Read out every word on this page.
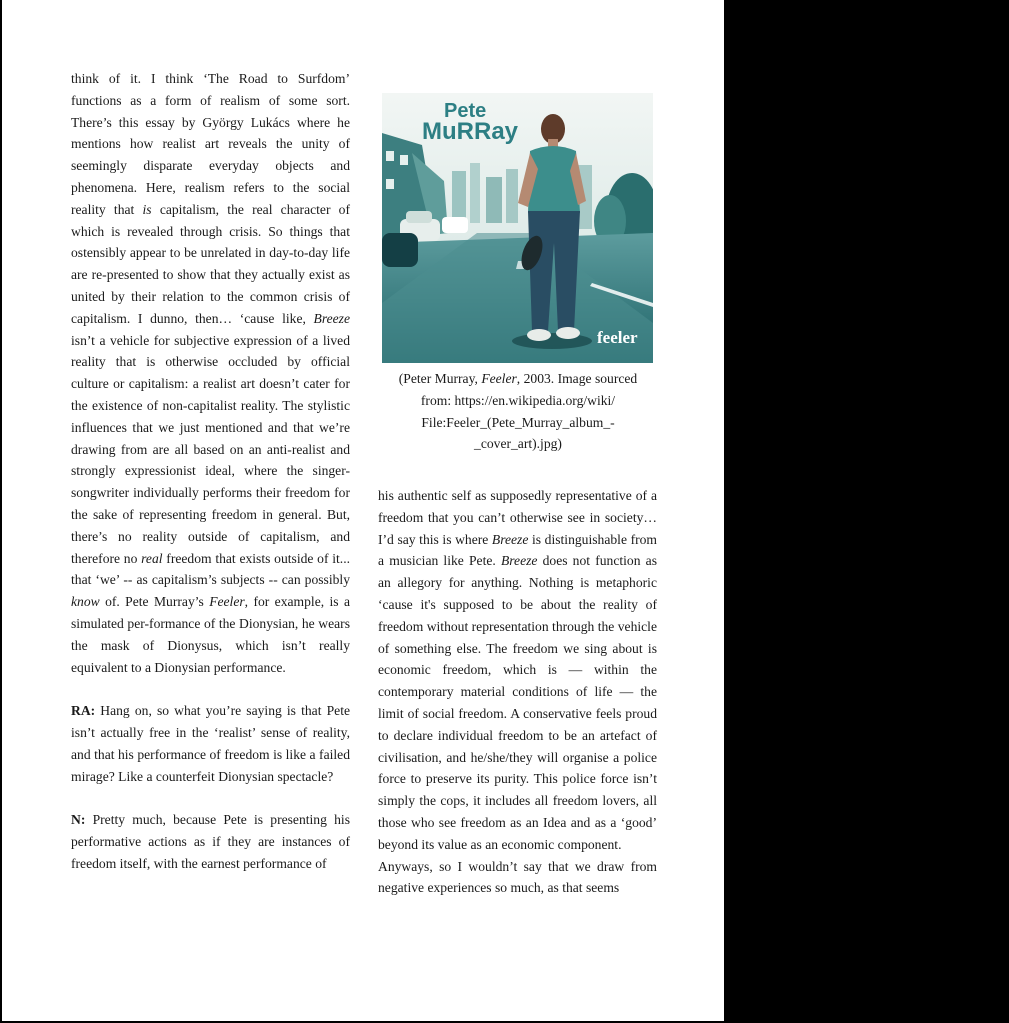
think of it. I think ‘The Road to Surfdom’ functions as a form of realism of some sort. There’s this essay by György Lukács where he mentions how realist art reveals the unity of seemingly disparate everyday objects and phenomena. Here, realism refers to the social reality that is capitalism, the real character of which is revealed through crisis. So things that ostensibly appear to be unrelated in day-to-day life are re-presented to show that they actually exist as united by their relation to the common crisis of capitalism. I dunno, then… ‘cause like, Breeze isn’t a vehicle for subjective expression of a lived reality that is otherwise occluded by official culture or capitalism: a realist art doesn’t cater for the existence of non-capitalist reality. The stylistic influences that we just mentioned and that we’re drawing from are all based on an anti-realist and strongly expressionist ideal, where the singer-songwriter individually performs their freedom for the sake of representing freedom in general. But, there’s no reality outside of capitalism, and therefore no real freedom that exists outside of it... that ‘we’ -- as capitalism’s subjects -- can possibly know of. Pete Murray’s Feeler, for example, is a simulated per-formance of the Dionysian, he wears the mask of Dionysus, which isn’t really equivalent to a Dionysian performance.

RA: Hang on, so what you’re saying is that Pete isn’t actually free in the ‘realist’ sense of reality, and that his performance of freedom is like a failed mirage? Like a counterfeit Dionysian spectacle?

N: Pretty much, because Pete is presenting his performative actions as if they are instances of freedom itself, with the earnest performance of

Pete
MuRRay
feeler
(Peter Murray, Feeler, 2003. Image sourced from: https://en.wikipedia.org/wiki/ File:Feeler_(Pete_Murray_album_-_cover_art).jpg)

his authentic self as supposedly representative of a freedom that you can’t otherwise see in society… I’d say this is where Breeze is distinguishable from a musician like Pete. Breeze does not function as an allegory for anything. Nothing is metaphoric ‘cause it's supposed to be about the reality of freedom without representation through the vehicle of something else. The freedom we sing about is economic freedom, which is — within the contemporary material conditions of life — the limit of social freedom. A conservative feels proud to declare individual freedom to be an artefact of civilisation, and he/she/they will organise a police force to preserve its purity. This police force isn’t simply the cops, it includes all freedom lovers, all those who see freedom as an Idea and as a ‘good’ beyond its value as an economic component.

Anyways, so I wouldn’t say that we draw from negative experiences so much, as that seems
